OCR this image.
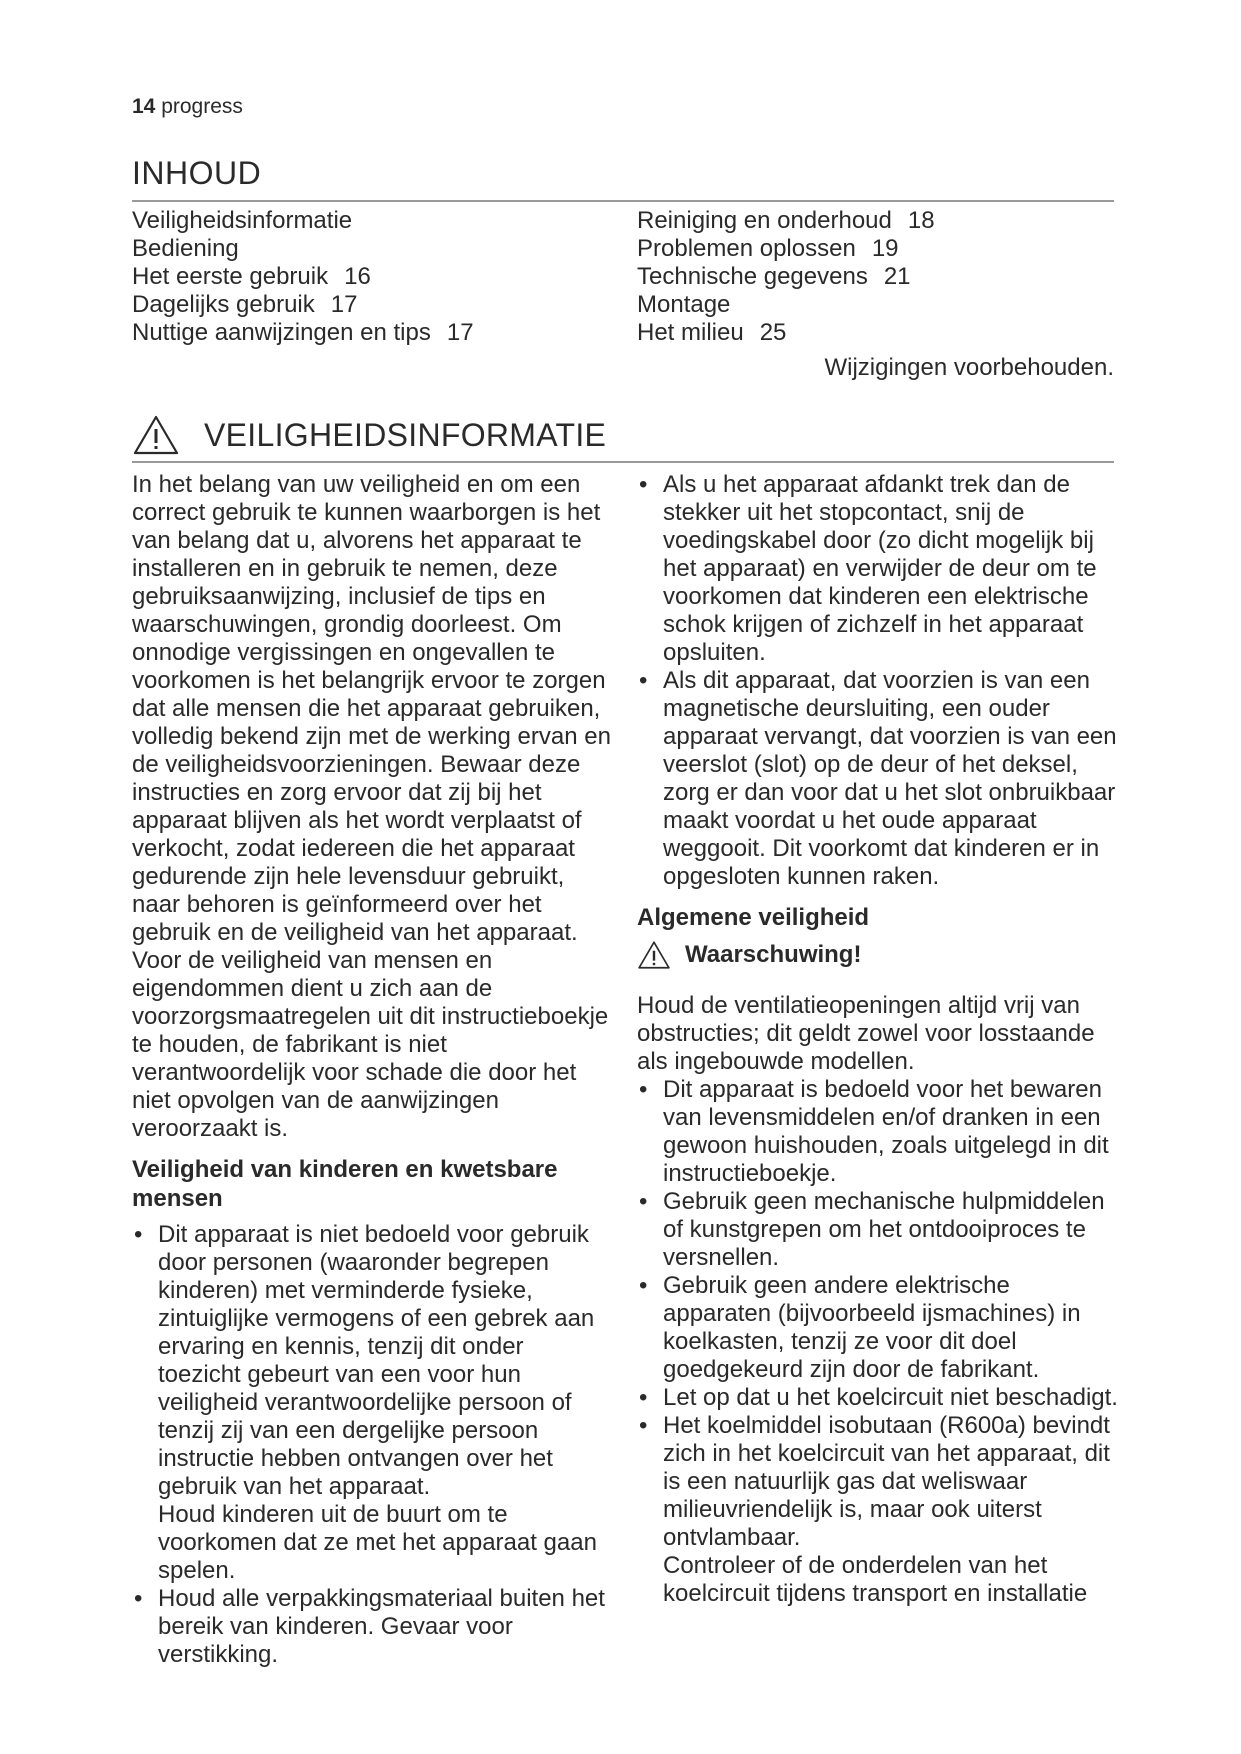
14 progress
INHOUD
Veiligheidsinformatie
Bediening
Het eerste gebruik 16
Dagelijks gebruik 17
Nuttige aanwijzingen en tips 17
Reiniging en onderhoud 18
Problemen oplossen 19
Technische gegevens 21
Montage
Het milieu 25
Wijzigingen voorbehouden.
VEILIGHEIDSINFORMATIE

In het belang van uw veiligheid en om een correct gebruik te kunnen waarborgen is het van belang dat u, alvorens het apparaat te installeren en in gebruik te nemen, deze gebruiksaanwijzing, inclusief de tips en waarschuwingen, grondig doorleest. Om onnodige vergissingen en ongevallen te voorkomen is het belangrijk ervoor te zorgen dat alle mensen die het apparaat gebruiken, volledig bekend zijn met de werking ervan en de veiligheidsvoorzieningen. Bewaar deze instructies en zorg ervoor dat zij bij het apparaat blijven als het wordt verplaatst of verkocht, zodat iedereen die het apparaat gedurende zijn hele levensduur gebruikt, naar behoren is geïnformeerd over het gebruik en de veiligheid van het apparaat.

Voor de veiligheid van mensen en eigendommen dient u zich aan de voorzorgsmaatregelen uit dit instructieboekje te houden, de fabrikant is niet verantwoordelijk voor schade die door het niet opvolgen van de aanwijzingen veroorzaakt is.

Veiligheid van kinderen en kwetsbare mensen
• Dit apparaat is niet bedoeld voor gebruik door personen (waaronder begrepen kinderen) met verminderde fysieke, zintuiglijke vermogens of een gebrek aan ervaring en kennis, tenzij dit onder toezicht gebeurt van een voor hun veiligheid verantwoordelijke persoon of tenzij zij van een dergelijke persoon instructie hebben ontvangen over het gebruik van het apparaat.
Houd kinderen uit de buurt om te voorkomen dat ze met het apparaat gaan spelen.
• Houd alle verpakkingsmateriaal buiten het bereik van kinderen. Gevaar voor verstikking.
• Als u het apparaat afdankt trek dan de stekker uit het stopcontact, snij de voedingskabel door (zo dicht mogelijk bij het apparaat) en verwijder de deur om te voorkomen dat kinderen een elektrische schok krijgen of zichzelf in het apparaat opsluiten.
• Als dit apparaat, dat voorzien is van een magnetische deursluiting, een ouder apparaat vervangt, dat voorzien is van een veerslot (slot) op de deur of het deksel, zorg er dan voor dat u het slot onbruikbaar maakt voordat u het oude apparaat weggooit. Dit voorkomt dat kinderen er in opgesloten kunnen raken.
Algemene veiligheid
Waarschuwing!

Houd de ventilatieopeningen altijd vrij van obstructies; dit geldt zowel voor losstaande als ingebouwde modellen.

• Dit apparaat is bedoeld voor het bewaren van levensmiddelen en/of dranken in een gewoon huishouden, zoals uitgelegd in dit instructieboekje.
• Gebruik geen mechanische hulpmiddelen of kunstgrepen om het ontdooiproces te versnellen.
• Gebruik geen andere elektrische apparaten (bijvoorbeeld ijsmachines) in koelkasten, tenzij ze voor dit doel goedgekeurd zijn door de fabrikant.
• Let op dat u het koelcircuit niet beschadigt.
• Het koelmiddel isobutaan (R600a) bevindt zich in het koelcircuit van het apparaat, dit is een natuurlijk gas dat weliswaar milieuvriendelijk is, maar ook uiterst ontvlambaar.
Controleer of de onderdelen van het koelcircuit tijdens transport en installatie
